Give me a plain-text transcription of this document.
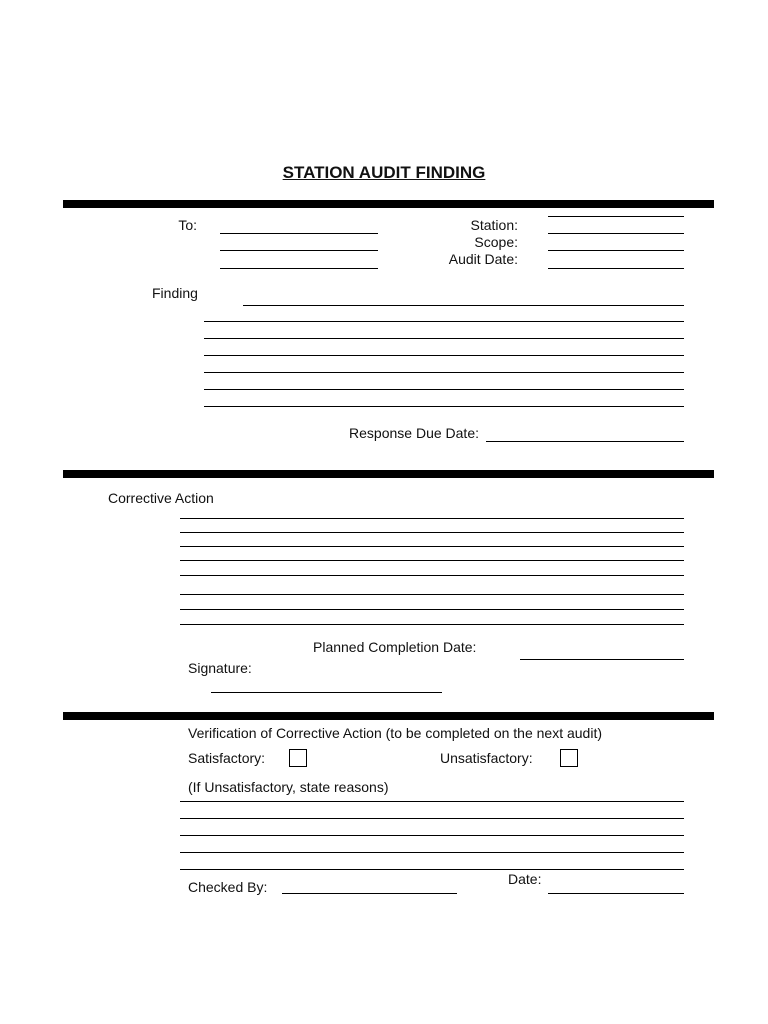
STATION AUDIT FINDING
To:	Station:
Scope:
Audit Date:
Finding
Response Due Date:
Corrective Action
Planned Completion Date:
Signature:
Verification of Corrective Action (to be completed on the next audit)
Satisfactory:	Unsatisfactory:
(If Unsatisfactory, state reasons)
Checked By:	Date:
